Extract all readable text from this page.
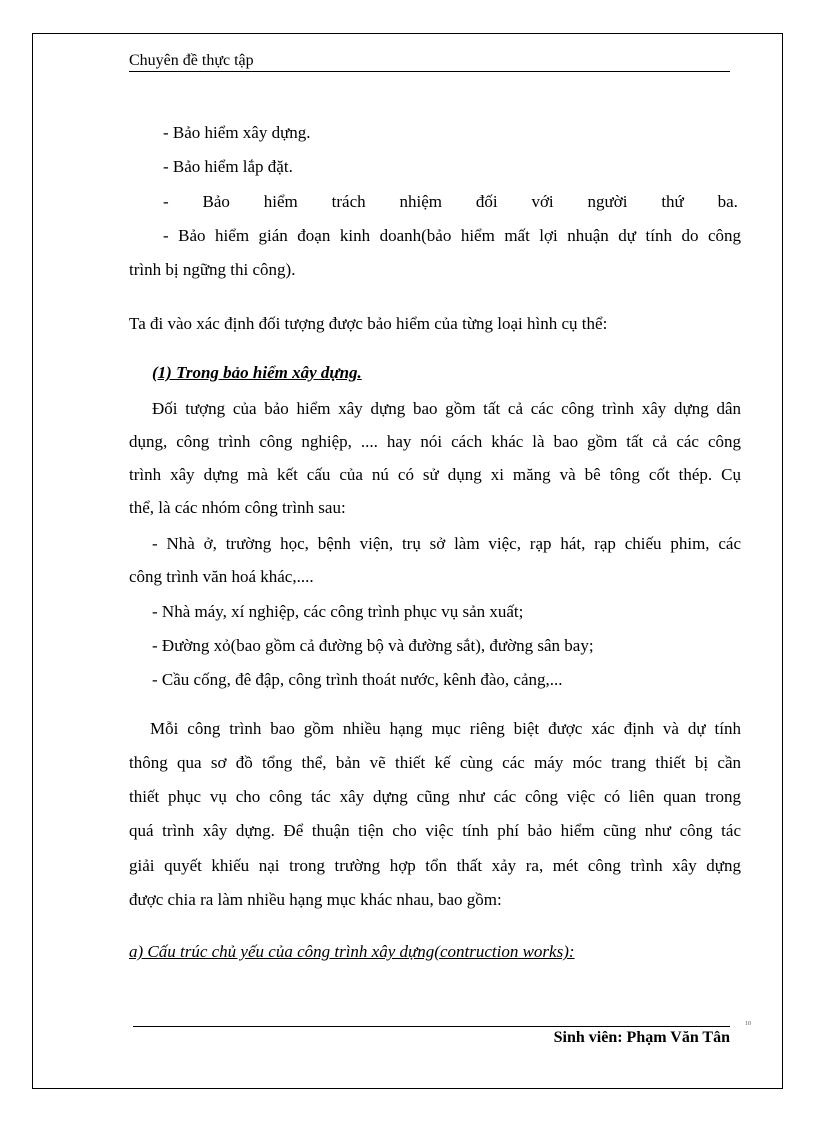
Chuyên đề thực tập
- Bảo hiểm xây dựng.
- Bảo hiểm lắp đặt.
- Bảo hiểm trách nhiệm đối với người thứ ba.
- Bảo hiểm gián đoạn kinh doanh(bảo hiểm mất lợi nhuận dự tính do công
trình bị ngững thi công).
Ta đi vào xác định đối tượng được bảo hiểm của từng loại hình cụ thể:
(1) Trong bảo hiểm xây dựng.
Đối tượng của bảo hiểm xây dựng bao gồm tất cả các công trình xây dựng dân
dụng, công trình công nghiệp, .... hay nói cách khác là bao gồm tất cả các công
trình xây dựng mà kết cấu của nú có sử dụng xi măng và bê tông cốt thép. Cụ
thể, là các nhóm công trình sau:
- Nhà ở, trường học, bệnh viện, trụ sở làm việc, rạp hát, rạp chiếu phim, các
công trình văn hoá khác,....
- Nhà máy, xí nghiệp, các công trình phục vụ sản xuất;
- Đường xỏ(bao gồm cả đường bộ và đường sắt), đường sân bay;
- Cầu cống, đê đập, công trình thoát nước, kênh đào, cảng,...
Mỗi công trình bao gồm nhiều hạng mục riêng biệt được xác định và dự tính
thông qua sơ đồ tổng thể, bản vẽ thiết kế cùng các máy móc trang thiết bị cần
thiết phục vụ cho công tác xây dựng cũng như các công việc có liên quan trong
quá trình xây dựng. Để thuận tiện cho việc tính phí bảo hiểm cũng như công tác
giải quyết khiếu nại trong trường hợp tổn thất xảy ra, mét công trình xây dựng
được chia ra làm nhiều hạng mục khác nhau, bao gồm:
a) Cấu trúc chủ yếu của công trình xây dựng(contruction works):
10
Sinh viên: Phạm Văn Tân
